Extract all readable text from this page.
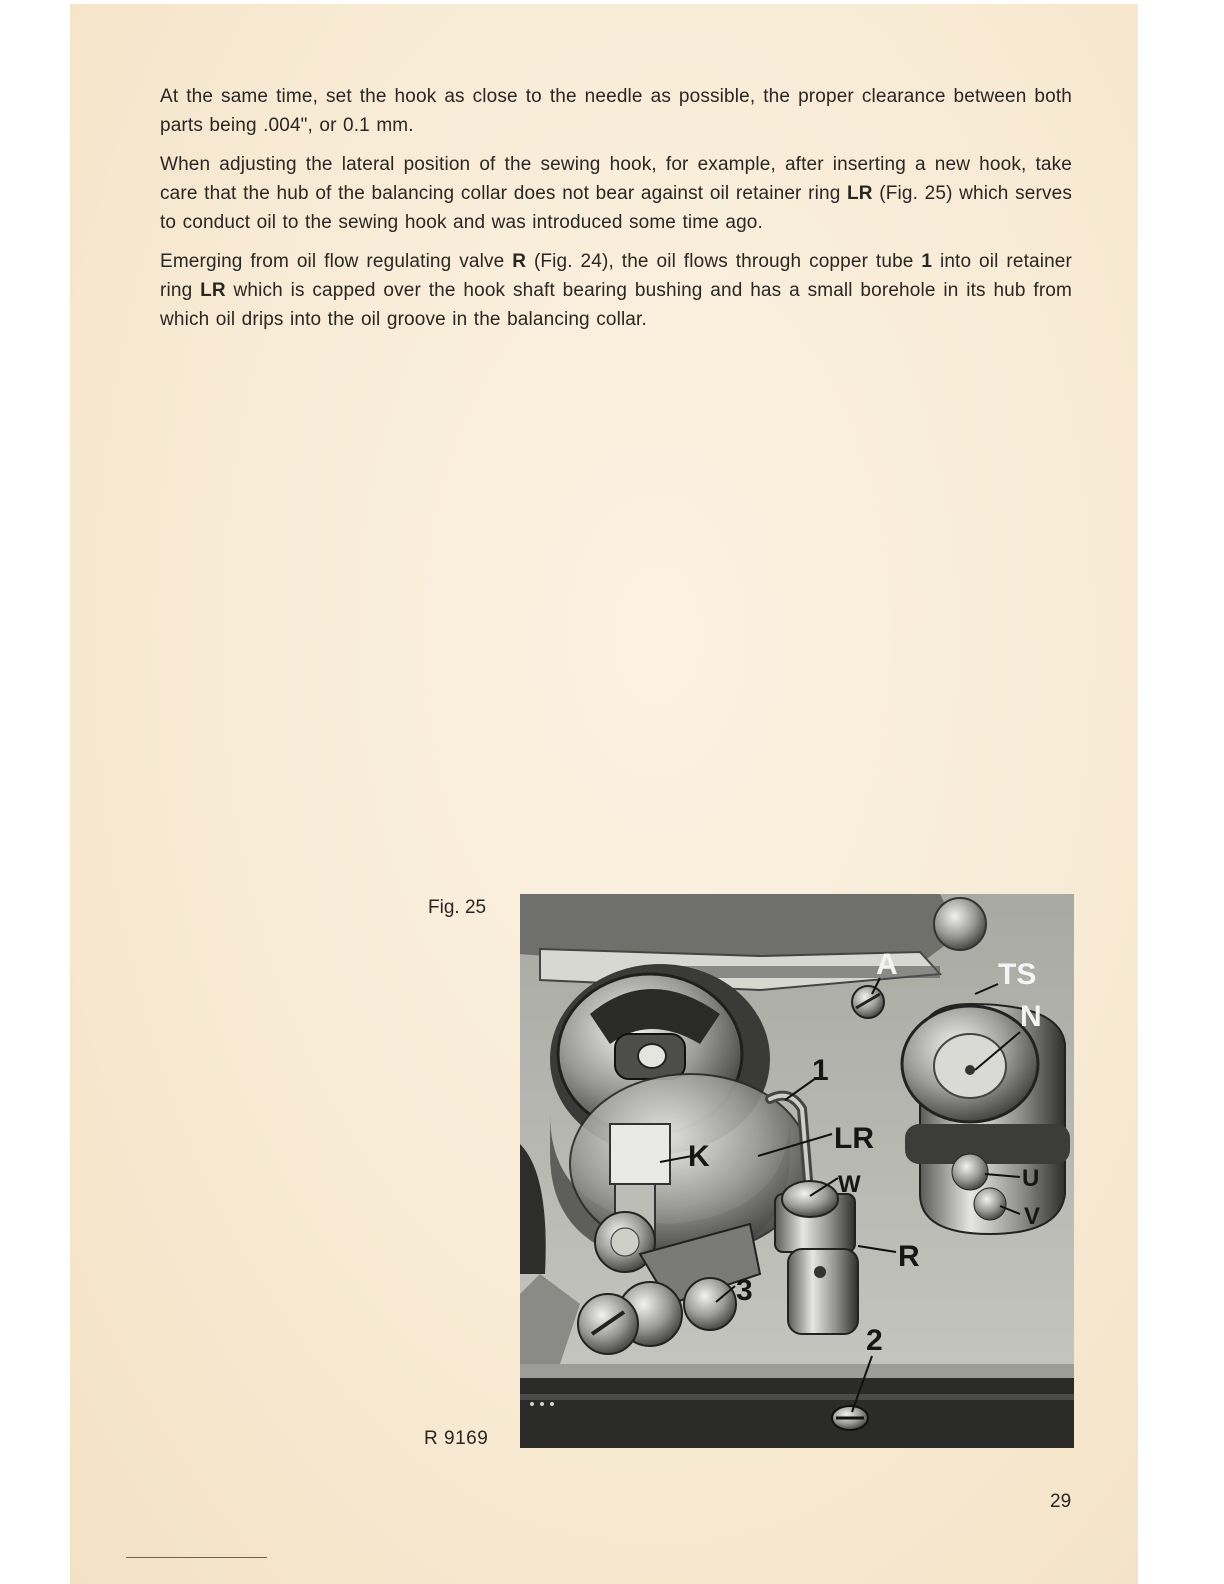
At the same time, set the hook as close to the needle as possible, the proper clearance between both parts being .004", or 0.1 mm.

When adjusting the lateral position of the sewing hook, for example, after inserting a new hook, take care that the hub of the balancing collar does not bear against oil retainer ring LR (Fig. 25) which serves to conduct oil to the sewing hook and was introduced some time ago.

Emerging from oil flow regulating valve R (Fig. 24), the oil flows through copper tube 1 into oil retainer ring LR which is capped over the hook shaft bearing bushing and has a small borehole in its hub from which oil drips into the oil groove in the balancing collar.

Fig. 25
R 9169
A	TS
N
1
LR
K
W	U
V
R
3
2
29
